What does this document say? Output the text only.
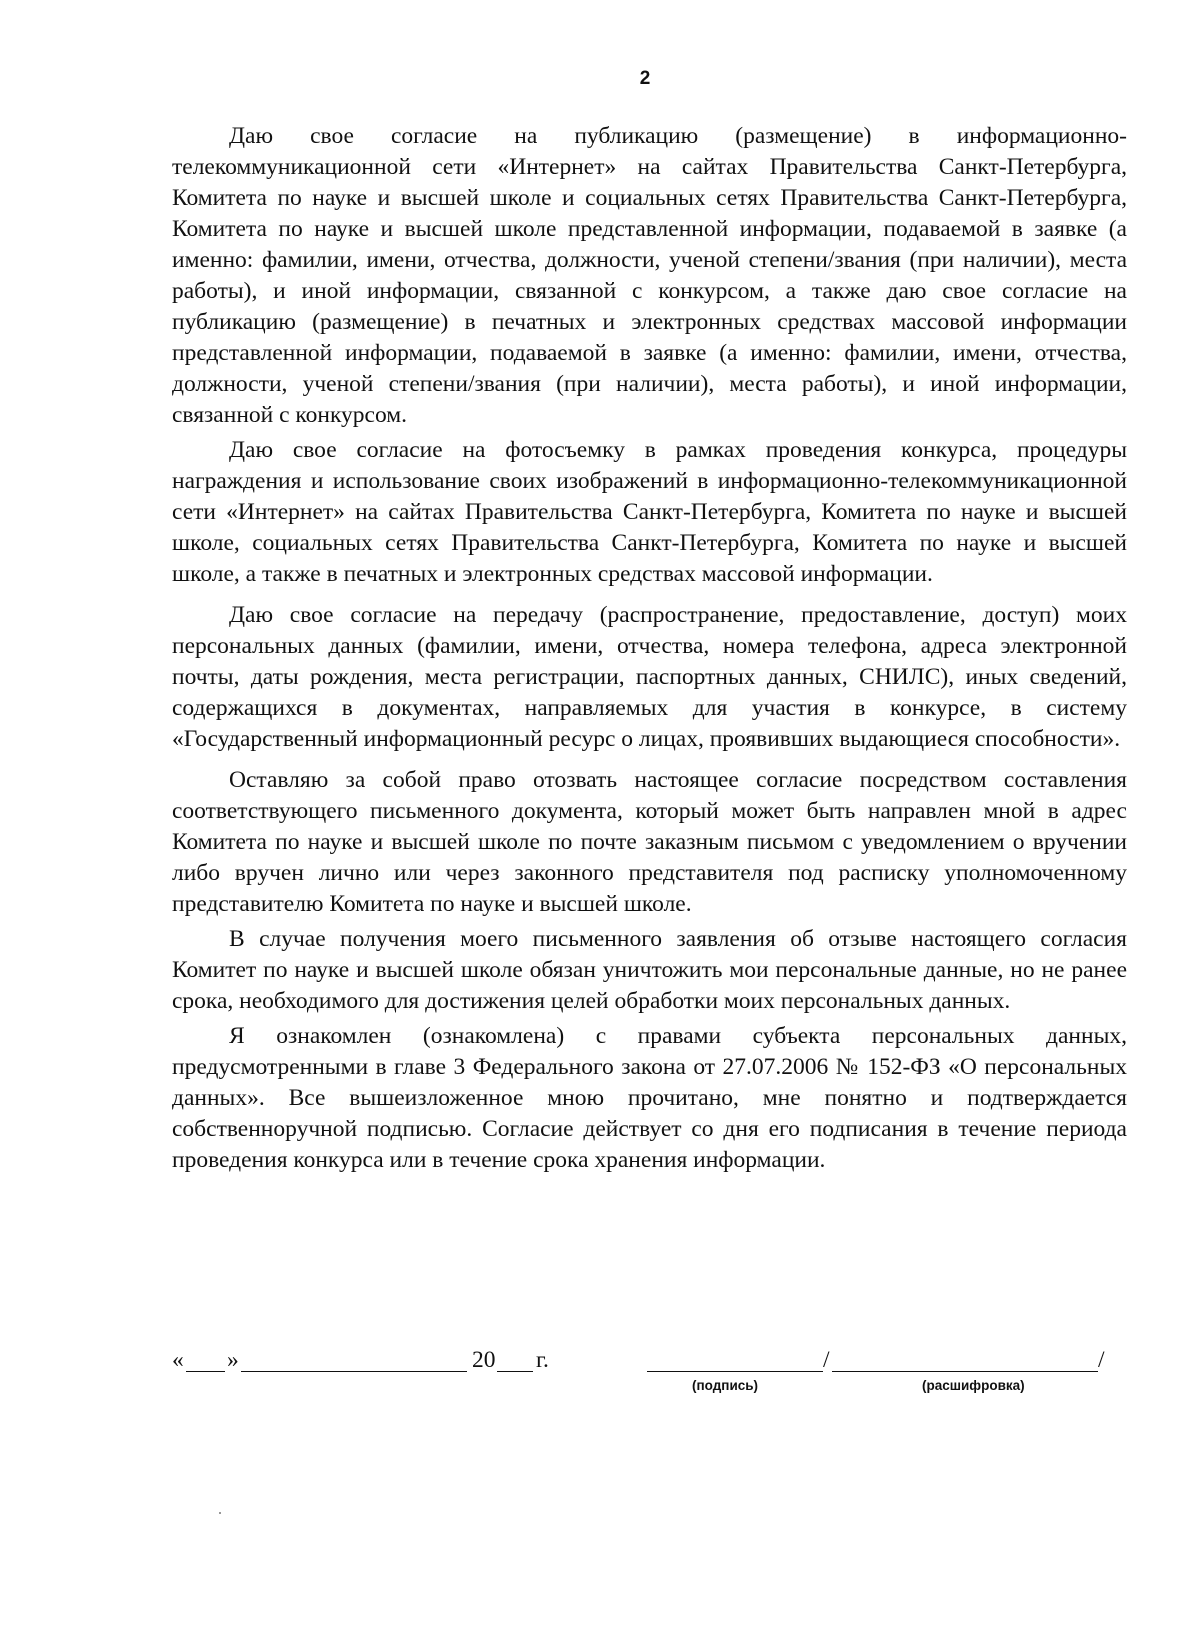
2

Даю свое согласие на публикацию (размещение) в информационно-телекоммуникационной сети «Интернет» на сайтах Правительства Санкт-Петербурга, Комитета по науке и высшей школе и социальных сетях Правительства Санкт-Петербурга, Комитета по науке и высшей школе представленной информации, подаваемой в заявке (а именно: фамилии, имени, отчества, должности, ученой степени/звания (при наличии), места работы), и иной информации, связанной с конкурсом, а также даю свое согласие на публикацию (размещение) в печатных и электронных средствах массовой информации представленной информации, подаваемой в заявке (а именно: фамилии, имени, отчества, должности, ученой степени/звания (при наличии), места работы), и иной информации, связанной с конкурсом.

Даю свое согласие на фотосъемку в рамках проведения конкурса, процедуры награждения и использование своих изображений в информационно-телекоммуникационной сети «Интернет» на сайтах Правительства Санкт-Петербурга, Комитета по науке и высшей школе, социальных сетях Правительства Санкт-Петербурга, Комитета по науке и высшей школе, а также в печатных и электронных средствах массовой информации.

Даю свое согласие на передачу (распространение, предоставление, доступ) моих персональных данных (фамилии, имени, отчества, номера телефона, адреса электронной почты, даты рождения, места регистрации, паспортных данных, СНИЛС), иных сведений, содержащихся в документах, направляемых для участия в конкурсе, в систему «Государственный информационный ресурс о лицах, проявивших выдающиеся способности».

Оставляю за собой право отозвать настоящее согласие посредством составления соответствующего письменного документа, который может быть направлен мной в адрес Комитета по науке и высшей школе по почте заказным письмом с уведомлением о вручении либо вручен лично или через законного представителя под расписку уполномоченному представителю Комитета по науке и высшей школе.

В случае получения моего письменного заявления об отзыве настоящего согласия Комитет по науке и высшей школе обязан уничтожить мои персональные данные, но не ранее срока, необходимого для достижения целей обработки моих персональных данных.

Я ознакомлен (ознакомлена) с правами субъекта персональных данных, предусмотренными в главе 3 Федерального закона от 27.07.2006 № 152-ФЗ «О персональных данных». Все вышеизложенное мною прочитано, мне понятно и подтверждается собственноручной подписью. Согласие действует со дня его подписания в течение периода проведения конкурса или в течение срока хранения информации.

« »	20 г.	/	/
(подпись)	(расшифровка)
